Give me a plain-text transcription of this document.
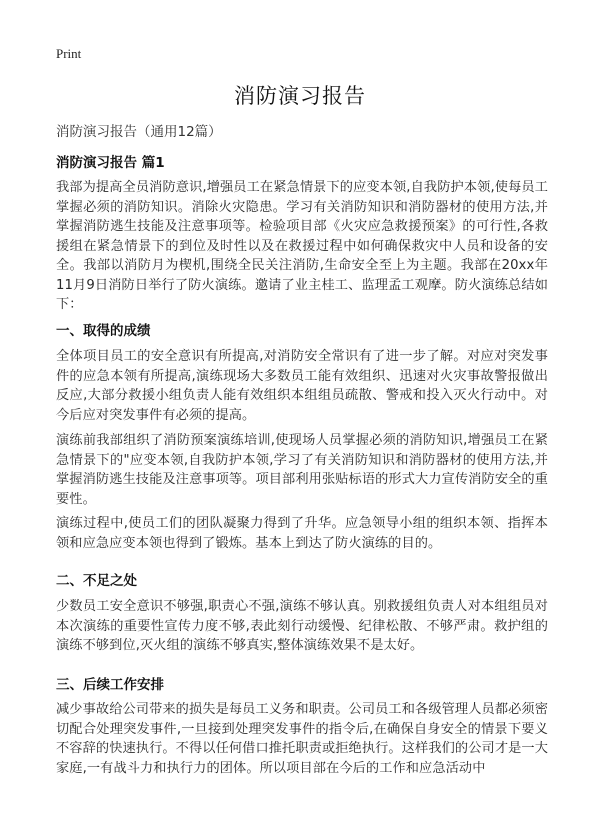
Print
消防演习报告
消防演习报告（通用12篇）
消防演习报告 篇1
我部为提高全员消防意识,增强员工在紧急情景下的应变本领,自我防护本领,使每员工掌握必须的消防知识。消除火灾隐患。学习有关消防知识和消防器材的使用方法,并掌握消防逃生技能及注意事项等。检验项目部《火灾应急救援预案》的可行性,各救援组在紧急情景下的到位及时性以及在救援过程中如何确保救灾中人员和设备的安全。我部以消防月为楔机,围绕全民关注消防,生命安全至上为主题。我部在20xx年11月9日消防日举行了防火演练。邀请了业主桂工、监理孟工观摩。防火演练总结如下：
一、取得的成绩
全体项目员工的安全意识有所提高,对消防安全常识有了进一步了解。对应对突发事件的应急本领有所提高,演练现场大多数员工能有效组织、迅速对火灾事故警报做出反应,大部分救援小组负责人能有效组织本组组员疏散、警戒和投入灭火行动中。对今后应对突发事件有必须的提高。
演练前我部组织了消防预案演练培训,使现场人员掌握必须的消防知识,增强员工在紧急情景下的"应变本领,自我防护本领,学习了有关消防知识和消防器材的使用方法,并掌握消防逃生技能及注意事项等。项目部利用张贴标语的形式大力宣传消防安全的重要性。
演练过程中,使员工们的团队凝聚力得到了升华。应急领导小组的组织本领、指挥本领和应急应变本领也得到了锻炼。基本上到达了防火演练的目的。
二、不足之处
少数员工安全意识不够强,职责心不强,演练不够认真。别救援组负责人对本组组员对本次演练的重要性宣传力度不够,表此刻行动缓慢、纪律松散、不够严肃。救护组的演练不够到位,灭火组的演练不够真实,整体演练效果不是太好。
三、后续工作安排
减少事故给公司带来的损失是每员工义务和职责。公司员工和各级管理人员都必须密切配合处理突发事件,一旦接到处理突发事件的指令后,在确保自身安全的情景下要义不容辞的快速执行。不得以任何借口推托职责或拒绝执行。这样我们的公司才是一大家庭,一有战斗力和执行力的团体。所以项目部在今后的工作和应急活动中
